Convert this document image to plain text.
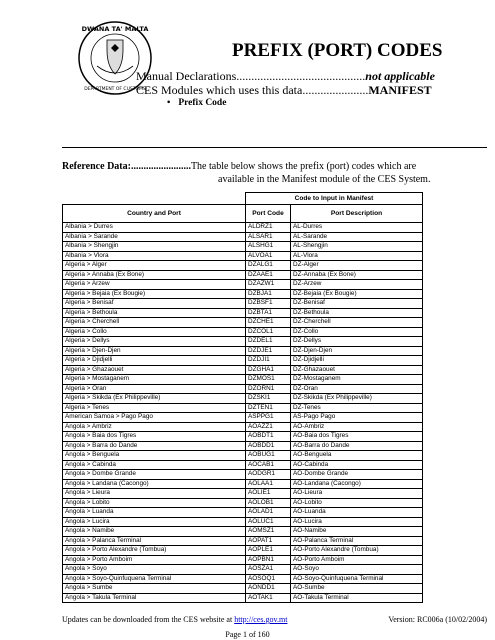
DWANA TA' MALTA
DEPARTMENT OF CUSTOMS
PREFIX (PORT) CODES
Manual Declarations...........................................not applicable
CES Modules which uses this data......................MANIFEST
• Prefix Code
Reference Data:........................The table below shows the prefix (port) codes which are
available in the Manifest module of the CES System.
	Code to Input in Manifest	
Country and Port	Port Code	Port Description
Albania > Durres	ALDRZ1	AL-Durres
Albania > Sarande	ALSAR1	AL-Sarande
Albania > Shengjin	ALSHG1	AL-Shengjin
Albania > Vlora	ALVOA1	AL-Vlora
Algeria > Alger	DZALG1	DZ-Alger
Algeria > Annaba (Ex Bone)	DZAAE1	DZ-Annaba (Ex Bone)
Algeria > Arzew	DZAZW1	DZ-Arzew
Algeria > Bejaia (Ex Bougie)	DZBJA1	DZ-Bejaia (Ex Bougie)
Algeria > Benisaf	DZBSF1	DZ-Benisaf
Algeria > Bethoula	DZBTA1	DZ-Bethoula
Algeria > Cherchell	DZCHE1	DZ-Cherchell
Algeria > Collo	DZCOL1	DZ-Collo
Algeria > Dellys	DZDEL1	DZ-Dellys
Algeria > Djen-Djen	DZDJE1	DZ-Djen-Djen
Algeria > Djidjelli	DZDJI1	DZ-Djidjelli
Algeria > Ghazaouet	DZGHA1	DZ-Ghazaouet
Algeria > Mostaganem	DZMOS1	DZ-Mostaganem
Algeria > Oran	DZORN1	DZ-Oran
Algeria > Skikda (Ex Philippeville)	DZSKI1	DZ-Skikda (Ex Philippeville)
Algeria > Tenes	DZTEN1	DZ-Tenes
American Samoa > Pago Pago	ASPPG1	AS-Pago Pago
Angola > Ambriz	AOAZZ1	AO-Ambriz
Angola > Baia dos Tigres	AOBDT1	AO-Baia dos Tigres
Angola > Barra do Dande	AOBDD1	AO-Barra do Dande
Angola > Benguela	AOBUG1	AO-Benguela
Angola > Cabinda	AOCAB1	AO-Cabinda
Angola > Dombe Grande	AODGR1	AO-Dombe Grande
Angola > Landana (Cacongo)	AOLAA1	AO-Landana (Cacongo)
Angola > Lieura	AOLIE1	AO-Lieura
Angola > Lobito	AOLOB1	AO-Lobito
Angola > Luanda	AOLAD1	AO-Luanda
Angola > Lucira	AOLUC1	AO-Lucira
Angola > Namibe	AOMSZ1	AO-Namibe
Angola > Palanca Terminal	AOPAT1	AO-Palanca Terminal
Angola > Porto Alexandre (Tombua)	AOPLE1	AO-Porto Alexandre (Tombua)
Angola > Porto Amboim	AOPBN1	AO-Porto Amboim
Angola > Soyo	AOSZA1	AO-Soyo
Angola > Soyo-Quinfuquena Terminal	AOSOQ1	AO-Soyo-Quinfuquena Terminal
Angola > Sumbe	AONDD1	AO-Sumbe
Angola > Takula Terminal	AOTAK1	AO-Takula Terminal
Updates can be downloaded from the CES website at http://ces.gov.mt	Version: RC006a (10/02/2004)
Page 1 of 160
